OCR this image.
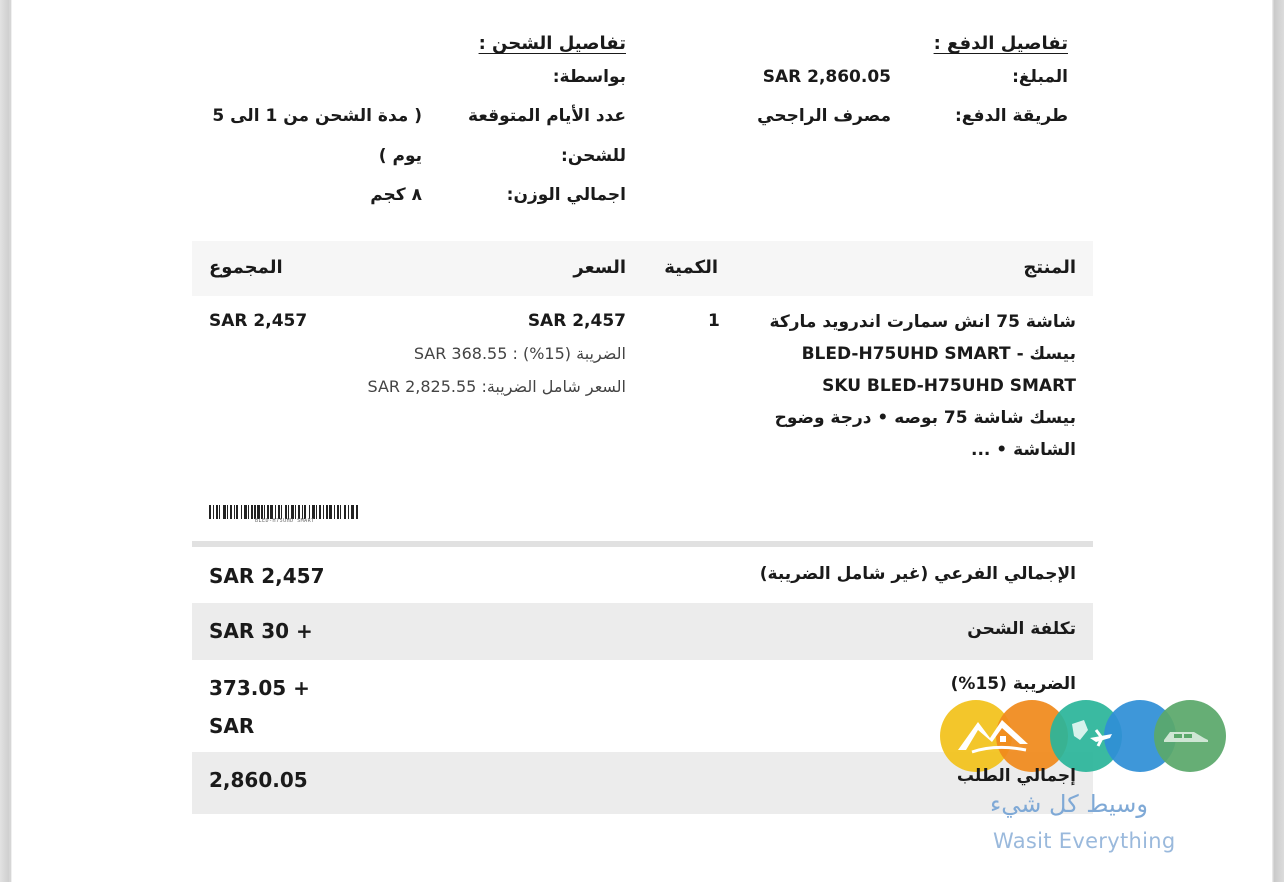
تفاصيل الدفع :
المبلغ:
SAR 2,860.05
طريقة الدفع:
مصرف الراجحي
تفاصيل الشحن :
بواسطة:
عدد الأيام المتوقعة
للشحن:
( مدة الشحن من 1 الى 5
يوم )
اجمالي الوزن:
٨ كجم
المنتج
الكمية
السعر
المجموع
شاشة 75 انش سمارت اندرويد ماركة
بيسك - BLED-H75UHD SMART
SKU BLED-H75UHD SMART
بيسك شاشة 75 بوصه • درجة وضوح
الشاشة • ...
1
SAR 2,457
الضريبة (15%) : SAR 368.55
السعر شامل الضريبة: SAR 2,825.55
SAR 2,457
BLED-H75UHD SMART
الإجمالي الفرعي (غير شامل الضريبة)
SAR 2,457
تكلفة الشحن
SAR 30 +
الضريبة (15%)
373.05 +
SAR
إجمالي الطلب
2,860.05
وسيط كل شيء
Wasit Everything
